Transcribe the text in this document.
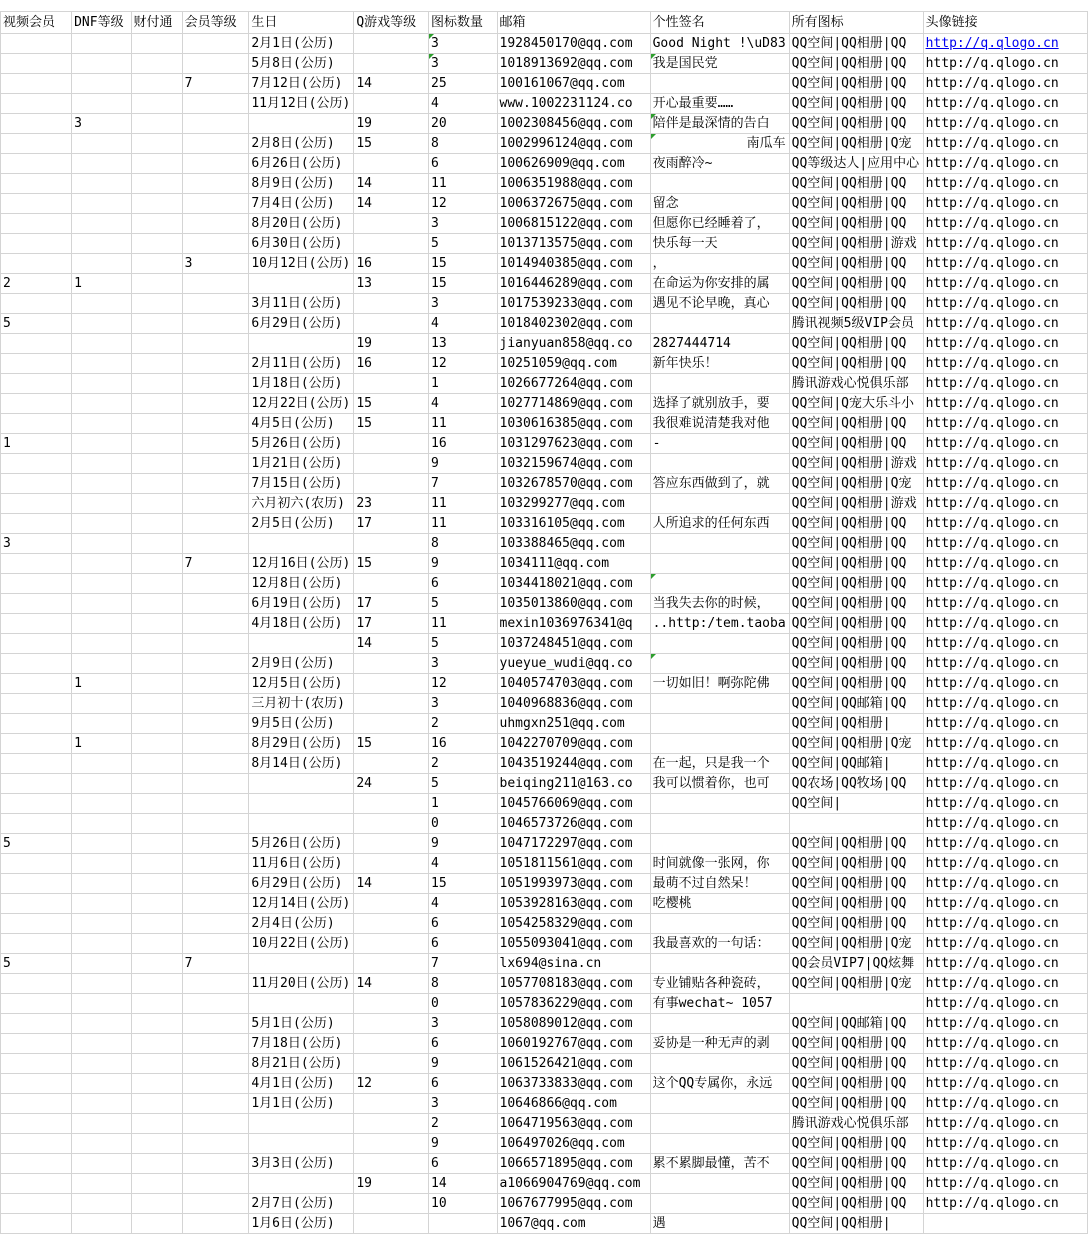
视频会员	DNF等级	财付通	会员等级	生日	Q游戏等级	图标数量	邮箱	个性签名	所有图标	头像链接
				2月1日(公历)		3	1928450170@qq.com	Good Night !\uD83	QQ空间|QQ相册|QQ	http://q.qlogo.cn
				5月8日(公历)		3	1018913692@qq.com	我是国民党	QQ空间|QQ相册|QQ	http://q.qlogo.cn
			7	7月12日(公历)	14	25	100161067@qq.com		QQ空间|QQ相册|QQ	http://q.qlogo.cn
				11月12日(公历)		4	www.1002231124.co	开心最重要……	QQ空间|QQ相册|QQ	http://q.qlogo.cn
	3				19	20	1002308456@qq.com	陪伴是最深情的告白	QQ空间|QQ相册|QQ	http://q.qlogo.cn
				2月8日(公历)	15	8	1002996124@qq.com	南瓜车	QQ空间|QQ相册|Q宠	http://q.qlogo.cn
				6月26日(公历)		6	100626909@qq.com	夜雨醉冷~	QQ等级达人|应用中心	http://q.qlogo.cn
				8月9日(公历)	14	11	1006351988@qq.com		QQ空间|QQ相册|QQ	http://q.qlogo.cn
				7月4日(公历)	14	12	1006372675@qq.com	留念	QQ空间|QQ相册|QQ	http://q.qlogo.cn
				8月20日(公历)		3	1006815122@qq.com	但愿你已经睡着了，	QQ空间|QQ相册|QQ	http://q.qlogo.cn
				6月30日(公历)		5	1013713575@qq.com	快乐每一天	QQ空间|QQ相册|游戏	http://q.qlogo.cn
			3	10月12日(公历)	16	15	1014940385@qq.com	，	QQ空间|QQ相册|QQ	http://q.qlogo.cn
2	1				13	15	1016446289@qq.com	在命运为你安排的属	QQ空间|QQ相册|QQ	http://q.qlogo.cn
				3月11日(公历)		3	1017539233@qq.com	遇见不论早晚，真心	QQ空间|QQ相册|QQ	http://q.qlogo.cn
5				6月29日(公历)		4	1018402302@qq.com		腾讯视频5级VIP会员	http://q.qlogo.cn
					19	13	jianyuan858@qq.co	2827444714	QQ空间|QQ相册|QQ	http://q.qlogo.cn
				2月11日(公历)	16	12	10251059@qq.com	新年快乐！	QQ空间|QQ相册|QQ	http://q.qlogo.cn
				1月18日(公历)		1	1026677264@qq.com		腾讯游戏心悦俱乐部	http://q.qlogo.cn
				12月22日(公历)	15	4	1027714869@qq.com	选择了就别放手，要	QQ空间|Q宠大乐斗小	http://q.qlogo.cn
				4月5日(公历)	15	11	1030616385@qq.com	我很难说清楚我对他	QQ空间|QQ相册|QQ	http://q.qlogo.cn
1				5月26日(公历)		16	1031297623@qq.com	-	QQ空间|QQ相册|QQ	http://q.qlogo.cn
				1月21日(公历)		9	1032159674@qq.com		QQ空间|QQ相册|游戏	http://q.qlogo.cn
				7月15日(公历)		7	1032678570@qq.com	答应东西做到了，就	QQ空间|QQ相册|Q宠	http://q.qlogo.cn
				六月初六(农历)	23	11	103299277@qq.com		QQ空间|QQ相册|游戏	http://q.qlogo.cn
				2月5日(公历)	17	11	103316105@qq.com	人所追求的任何东西	QQ空间|QQ相册|QQ	http://q.qlogo.cn
3						8	103388465@qq.com		QQ空间|QQ相册|QQ	http://q.qlogo.cn
			7	12月16日(公历)	15	9	1034111@qq.com		QQ空间|QQ相册|QQ	http://q.qlogo.cn
				12月8日(公历)		6	1034418021@qq.com		QQ空间|QQ相册|QQ	http://q.qlogo.cn
				6月19日(公历)	17	5	1035013860@qq.com	当我失去你的时候，	QQ空间|QQ相册|QQ	http://q.qlogo.cn
				4月18日(公历)	17	11	mexin1036976341@q	..http:/tem.taoba	QQ空间|QQ相册|QQ	http://q.qlogo.cn
					14	5	1037248451@qq.com		QQ空间|QQ相册|QQ	http://q.qlogo.cn
				2月9日(公历)		3	yueyue_wudi@qq.co		QQ空间|QQ相册|QQ	http://q.qlogo.cn
	1			12月5日(公历)		12	1040574703@qq.com	一切如旧！啊弥陀佛	QQ空间|QQ相册|QQ	http://q.qlogo.cn
				三月初十(农历)		3	1040968836@qq.com		QQ空间|QQ邮箱|QQ	http://q.qlogo.cn
				9月5日(公历)		2	uhmgxn251@qq.com		QQ空间|QQ相册|	http://q.qlogo.cn
	1			8月29日(公历)	15	16	1042270709@qq.com		QQ空间|QQ相册|Q宠	http://q.qlogo.cn
				8月14日(公历)		2	1043519244@qq.com	在一起，只是我一个	QQ空间|QQ邮箱|	http://q.qlogo.cn
					24	5	beiqing211@163.co	我可以惯着你，也可	QQ农场|QQ牧场|QQ	http://q.qlogo.cn
						1	1045766069@qq.com		QQ空间|	http://q.qlogo.cn
						0	1046573726@qq.com			http://q.qlogo.cn
5				5月26日(公历)		9	1047172297@qq.com		QQ空间|QQ相册|QQ	http://q.qlogo.cn
				11月6日(公历)		4	1051811561@qq.com	时间就像一张网，你	QQ空间|QQ相册|QQ	http://q.qlogo.cn
				6月29日(公历)	14	15	1051993973@qq.com	最萌不过自然呆！	QQ空间|QQ相册|QQ	http://q.qlogo.cn
				12月14日(公历)		4	1053928163@qq.com	吃樱桃	QQ空间|QQ相册|QQ	http://q.qlogo.cn
				2月4日(公历)		6	1054258329@qq.com		QQ空间|QQ相册|QQ	http://q.qlogo.cn
				10月22日(公历)		6	1055093041@qq.com	我最喜欢的一句话：	QQ空间|QQ相册|Q宠	http://q.qlogo.cn
5			7			7	lx694@sina.cn		QQ会员VIP7|QQ炫舞	http://q.qlogo.cn
				11月20日(公历)	14	8	1057708183@qq.com	专业铺贴各种瓷砖，	QQ空间|QQ相册|Q宠	http://q.qlogo.cn
						0	1057836229@qq.com	有事wechat~ 1057		http://q.qlogo.cn
				5月1日(公历)		3	1058089012@qq.com		QQ空间|QQ邮箱|QQ	http://q.qlogo.cn
				7月18日(公历)		6	1060192767@qq.com	妥协是一种无声的剥	QQ空间|QQ相册|QQ	http://q.qlogo.cn
				8月21日(公历)		9	1061526421@qq.com		QQ空间|QQ相册|QQ	http://q.qlogo.cn
				4月1日(公历)	12	6	1063733833@qq.com	这个QQ专属你，永远	QQ空间|QQ相册|QQ	http://q.qlogo.cn
				1月1日(公历)		3	10646866@qq.com		QQ空间|QQ相册|QQ	http://q.qlogo.cn
						2	1064719563@qq.com		腾讯游戏心悦俱乐部	http://q.qlogo.cn
						9	106497026@qq.com		QQ空间|QQ相册|QQ	http://q.qlogo.cn
				3月3日(公历)		6	1066571895@qq.com	累不累脚最懂，苦不	QQ空间|QQ相册|QQ	http://q.qlogo.cn
					19	14	a1066904769@qq.com		QQ空间|QQ相册|QQ	http://q.qlogo.cn
				2月7日(公历)		10	1067677995@qq.com		QQ空间|QQ相册|QQ	http://q.qlogo.cn
				1月6日(公历)			1067@qq.com	遇	QQ空间|QQ相册|	
